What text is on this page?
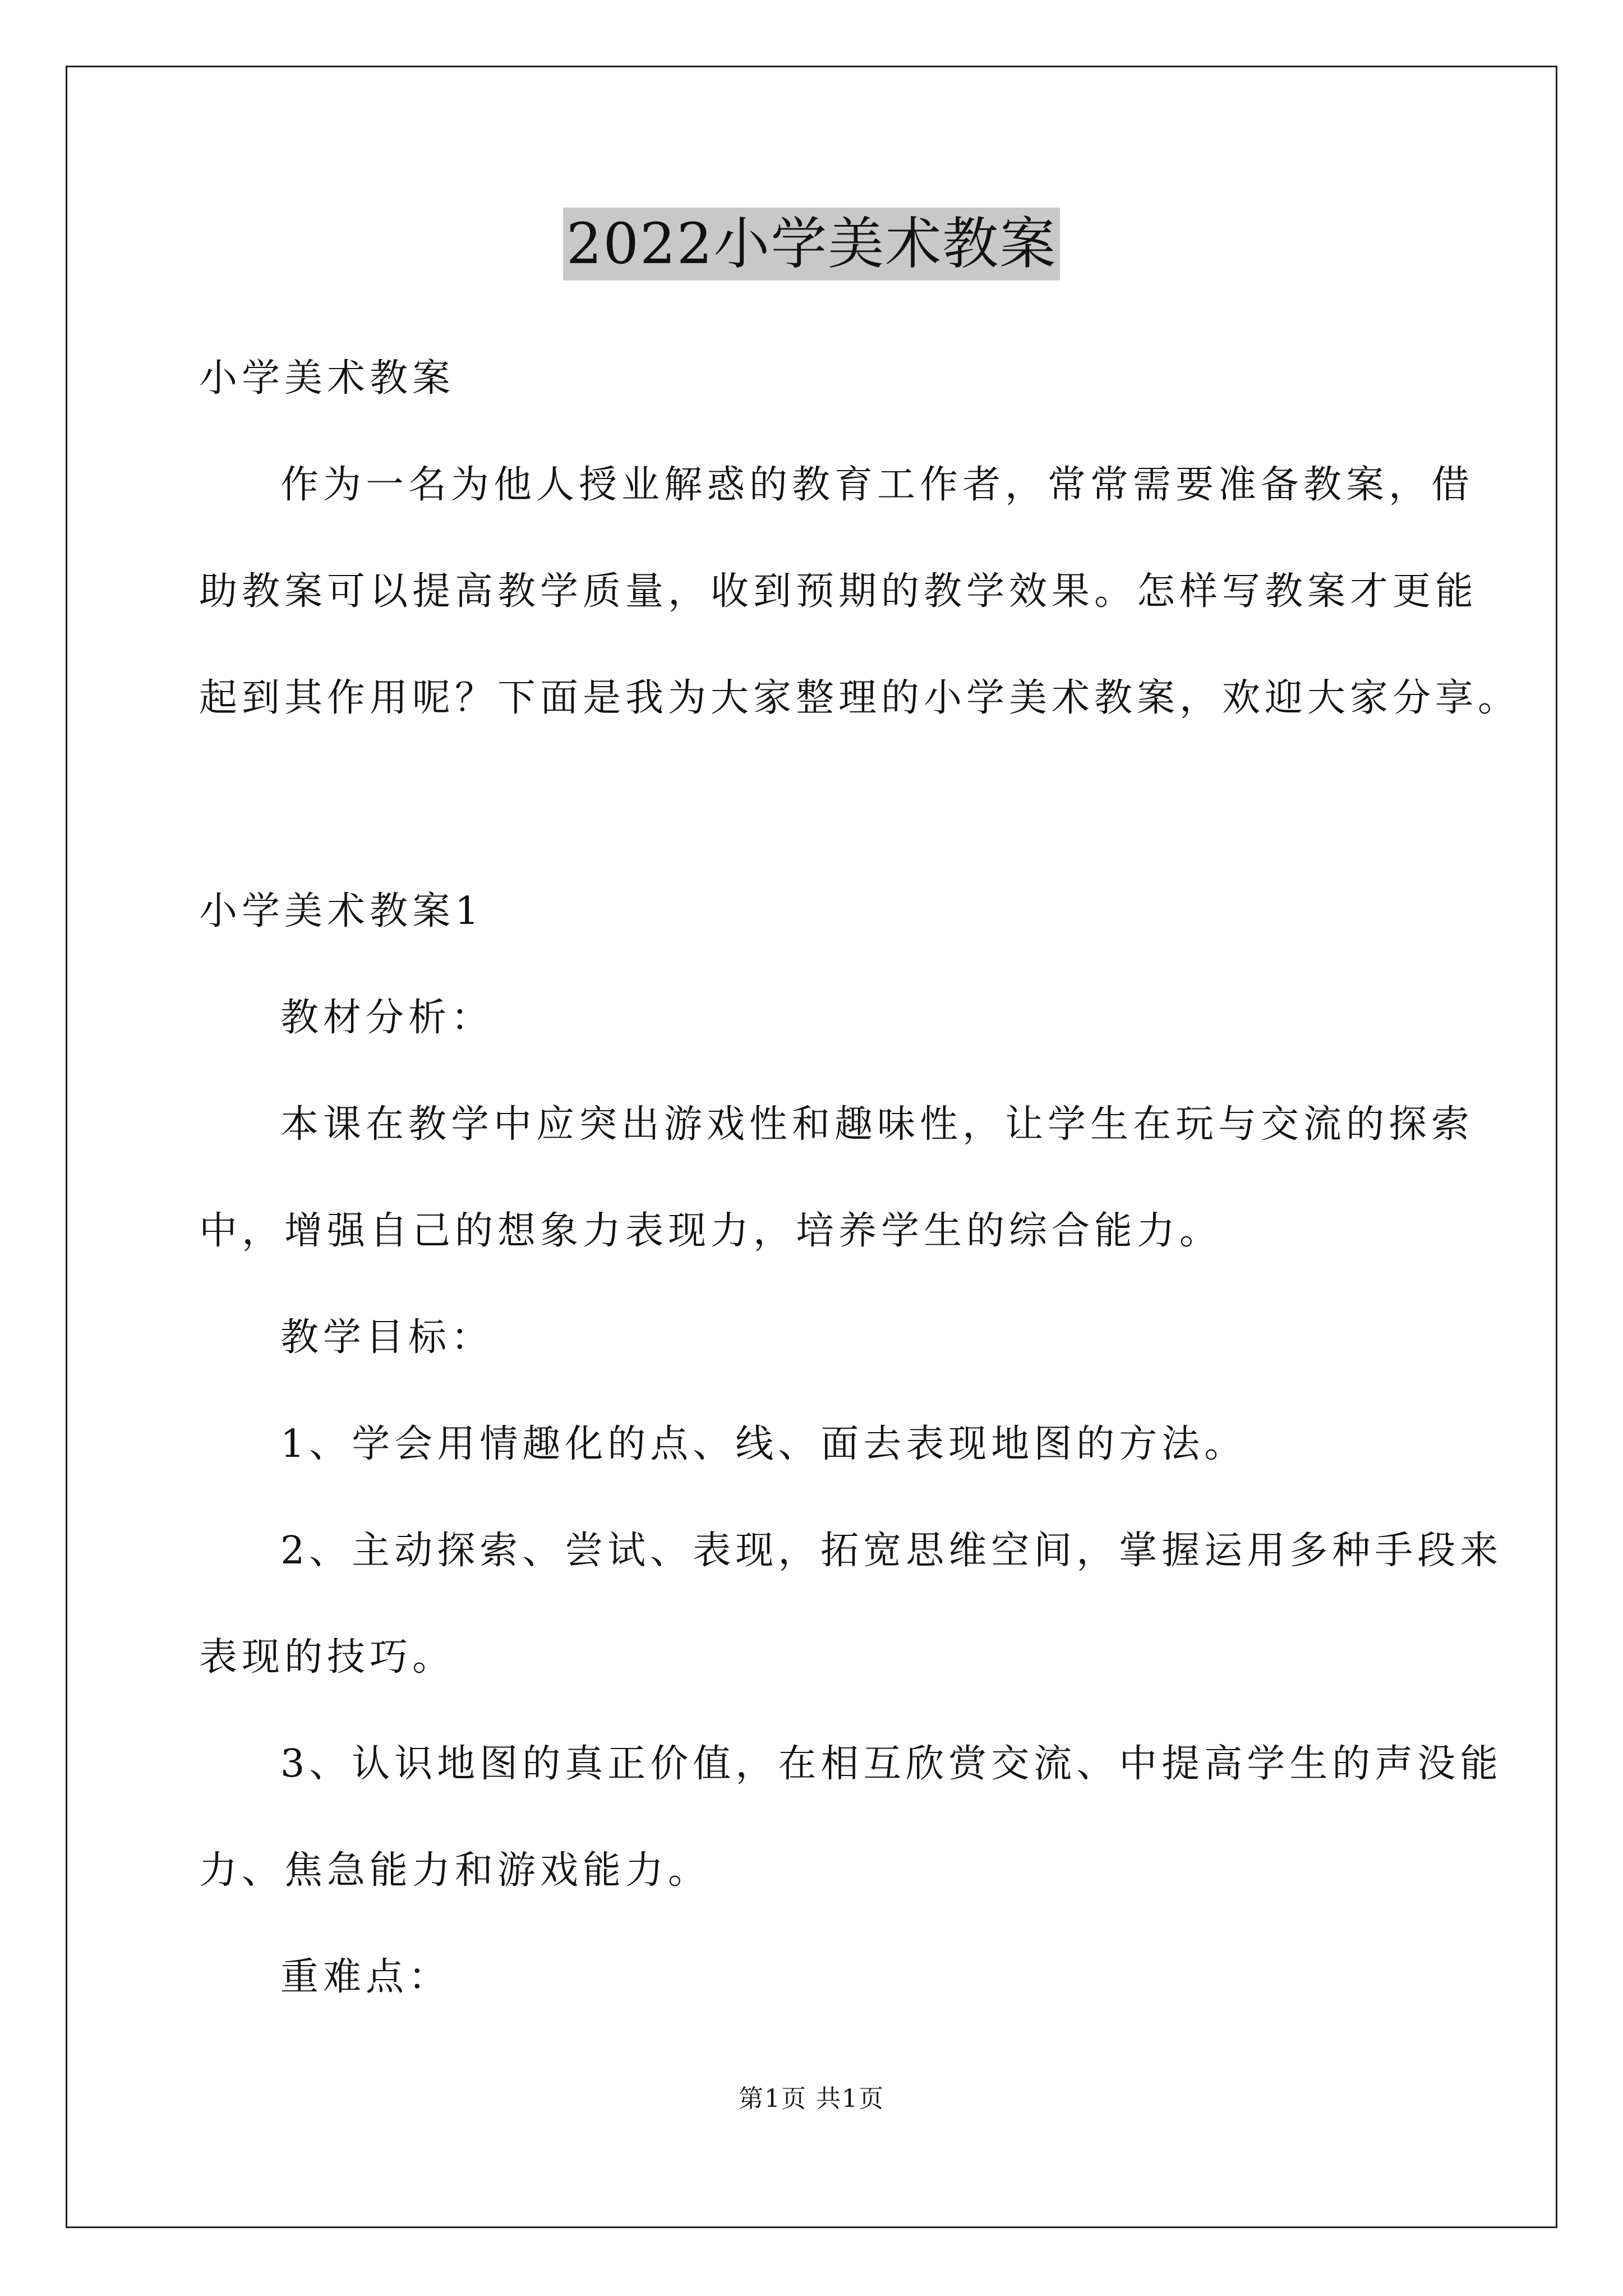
2022小学美术教案
小学美术教案
作为一名为他人授业解惑的教育工作者，常常需要准备教案，借
助教案可以提高教学质量，收到预期的教学效果。怎样写教案才更能
起到其作用呢？下面是我为大家整理的小学美术教案，欢迎大家分享。
小学美术教案1
教材分析：
本课在教学中应突出游戏性和趣味性，让学生在玩与交流的探索
中，增强自己的想象力表现力，培养学生的综合能力。
教学目标：
1、学会用情趣化的点、线、面去表现地图的方法。
2、主动探索、尝试、表现，拓宽思维空间，掌握运用多种手段来
表现的技巧。
3、认识地图的真正价值，在相互欣赏交流、中提高学生的声没能
力、焦急能力和游戏能力。
重难点：
第1页 共1页
